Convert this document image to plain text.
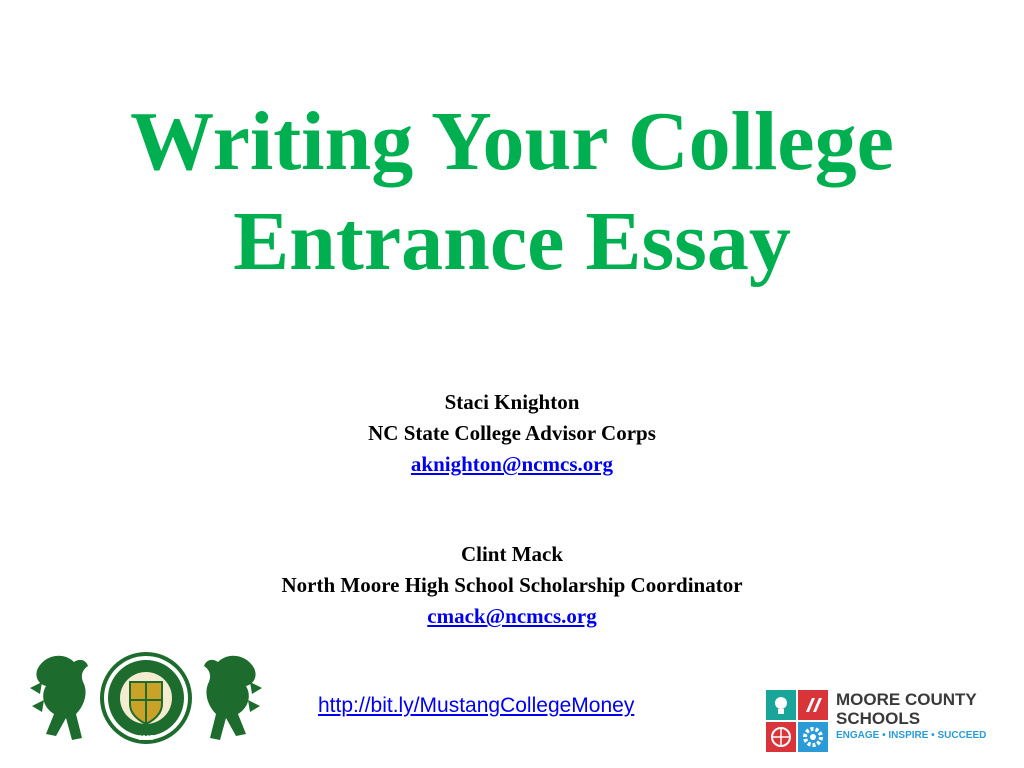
Writing Your College
Entrance Essay
Staci Knighton
NC State College Advisor Corps
aknighton@ncmcs.org
Clint Mack
North Moore High School Scholarship Coordinator
cmack@ncmcs.org
http://bit.ly/MustangCollegeMoney
1965
MOORE COUNTY
SCHOOLS
ENGAGE • INSPIRE • SUCCEED
